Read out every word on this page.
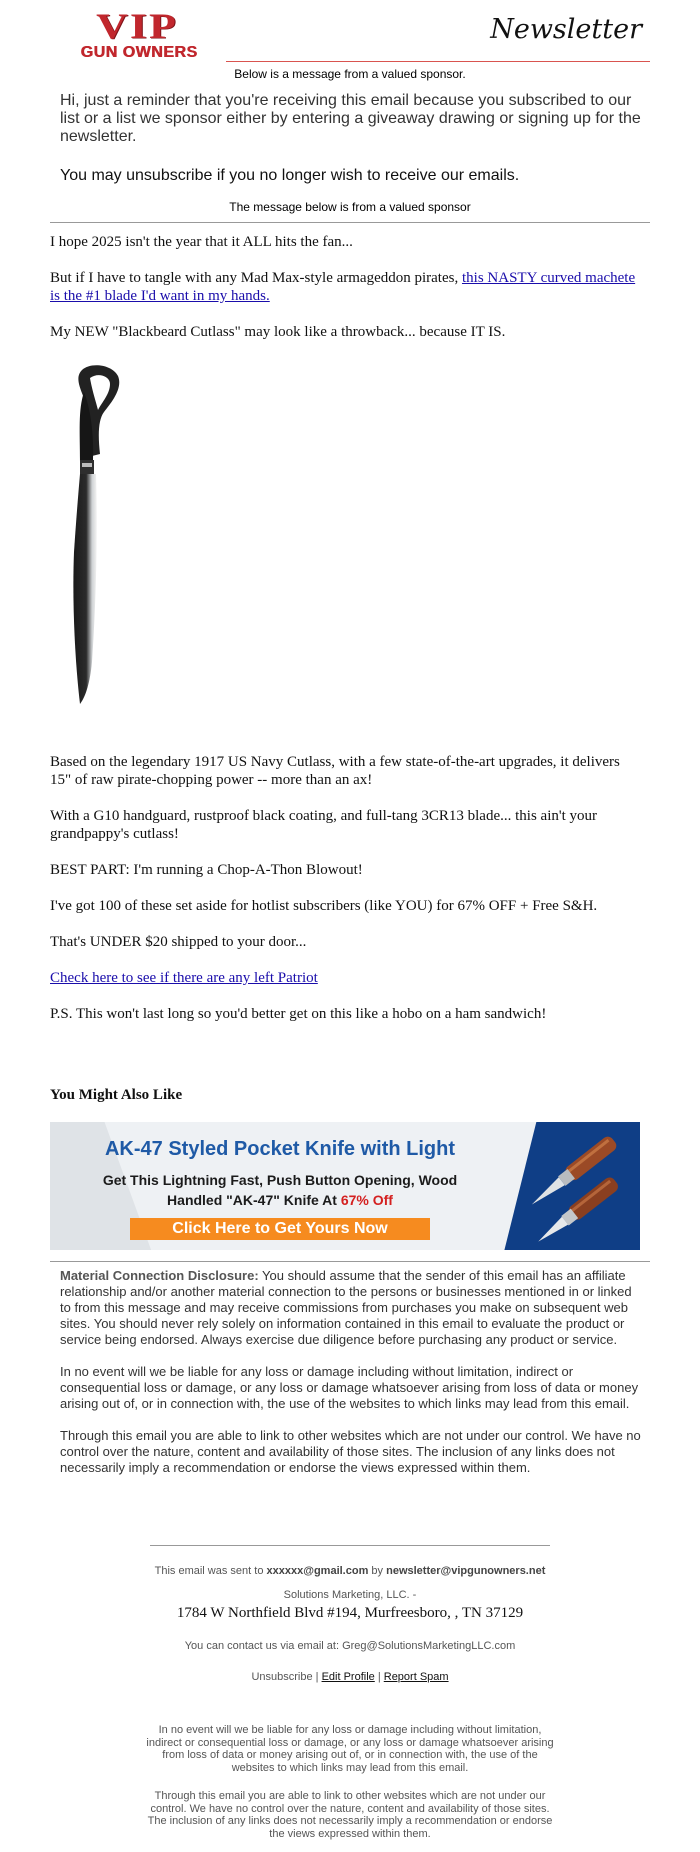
VIP
GUN OWNERS
Newsletter
Below is a message from a valued sponsor.

Hi, just a reminder that you're receiving this email because you subscribed to our list or a list we sponsor either by entering a giveaway drawing or signing up for the newsletter.

You may unsubscribe if you no longer wish to receive our emails.
The message below is from a valued sponsor
I hope 2025 isn't the year that it ALL hits the fan...
But if I have to tangle with any Mad Max-style armageddon pirates, this NASTY curved machete is the #1 blade I'd want in my hands.
My NEW "Blackbeard Cutlass" may look like a throwback... because IT IS.
Based on the legendary 1917 US Navy Cutlass, with a few state-of-the-art upgrades, it delivers 15" of raw pirate-chopping power -- more than an ax!
With a G10 handguard, rustproof black coating, and full-tang 3CR13 blade... this ain't your grandpappy's cutlass!
BEST PART: I'm running a Chop-A-Thon Blowout!
I've got 100 of these set aside for hotlist subscribers (like YOU) for 67% OFF + Free S&H.
That's UNDER $20 shipped to your door...
Check here to see if there are any left Patriot
P.S. This won't last long so you'd better get on this like a hobo on a ham sandwich!
You Might Also Like
AK-47 Styled Pocket Knife with Light
Get This Lightning Fast, Push Button Opening, Wood
Handled "AK-47" Knife At 67% Off
Click Here to Get Yours Now

Material Connection Disclosure: You should assume that the sender of this email has an affiliate relationship and/or another material connection to the persons or businesses mentioned in or linked to from this message and may receive commissions from purchases you make on subsequent web sites. You should never rely solely on information contained in this email to evaluate the product or service being endorsed. Always exercise due diligence before purchasing any product or service.

In no event will we be liable for any loss or damage including without limitation, indirect or consequential loss or damage, or any loss or damage whatsoever arising from loss of data or money arising out of, or in connection with, the use of the websites to which links may lead from this email.

Through this email you are able to link to other websites which are not under our control. We have no control over the nature, content and availability of those sites. The inclusion of any links does not necessarily imply a recommendation or endorse the views expressed within them.

This email was sent to xxxxxx@gmail.com by newsletter@vipgunowners.net
Solutions Marketing, LLC. -
1784 W Northfield Blvd #194, Murfreesboro, , TN 37129
You can contact us via email at: Greg@SolutionsMarketingLLC.com
Unsubscribe | Edit Profile | Report Spam
In no event will we be liable for any loss or damage including without limitation, indirect or consequential loss or damage, or any loss or damage whatsoever arising from loss of data or money arising out of, or in connection with, the use of the websites to which links may lead from this email.
Through this email you are able to link to other websites which are not under our control. We have no control over the nature, content and availability of those sites. The inclusion of any links does not necessarily imply a recommendation or endorse the views expressed within them.
